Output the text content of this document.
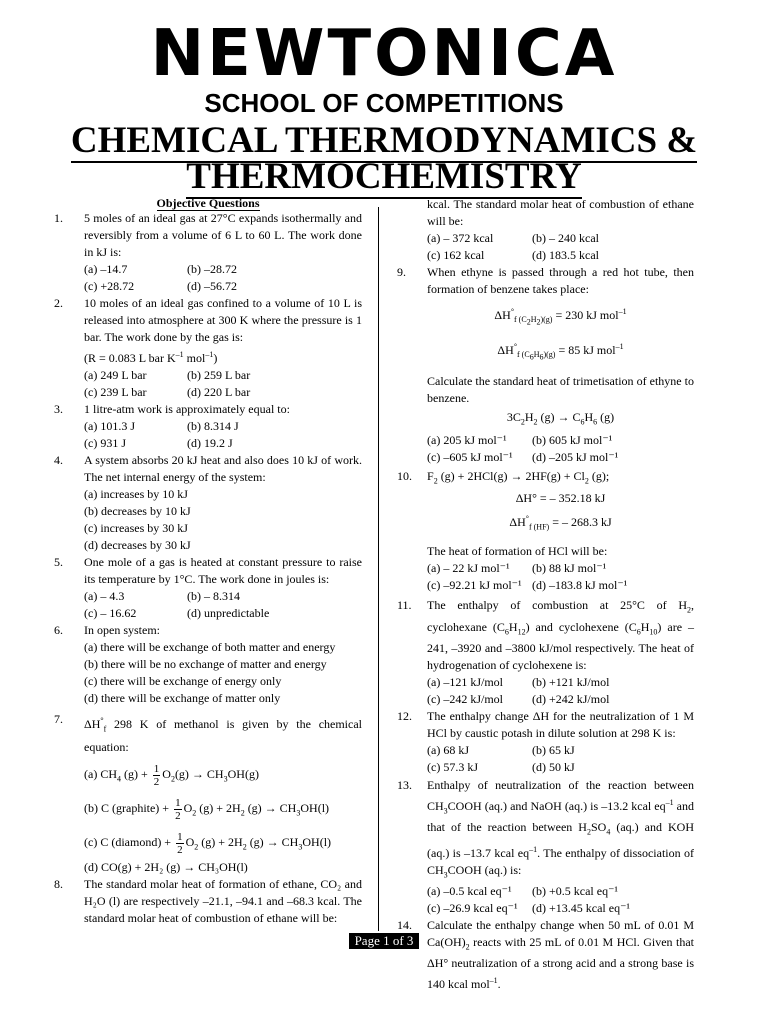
NEWTONICA
SCHOOL OF COMPETITIONS
CHEMICAL THERMODYNAMICS &
THERMOCHEMISTRY
Objective Questions
1. 5 moles of an ideal gas at 27°C expands isothermally and reversibly from a volume of 6 L to 60 L. The work done in kJ is:
(a) –14.7	(b) –28.72
(c) +28.72	(d) –56.72
2. 10 moles of an ideal gas confined to a volume of 10 L is released into atmosphere at 300 K where the pressure is 1 bar. The work done by the gas is:
(R = 0.083 L bar $K^{-1}$ mol$^{-1}$)
(a) 249 L bar	(b) 259 L bar
(c) 239 L bar	(d) 220 L bar
3. 1 litre-atm work is approximately equal to:
(a) 101.3 J	(b) 8.314 J
(c) 931 J	(d) 19.2 J
4. A system absorbs 20 kJ heat and also does 10 kJ of work. The net internal energy of the system:
(a) increases by 10 kJ
(b) decreases by 10 kJ
(c) increases by 30 kJ
(d) decreases by 30 kJ
5. One mole of a gas is heated at constant pressure to raise its temperature by 1°C. The work done in joules is:
(a) – 4.3	(b) – 8.314
(c) – 16.62	(d) unpredictable
6. In open system:
(a) there will be exchange of both matter and energy
(b) there will be no exchange of matter and energy
(c) there will be exchange of energy only
(d) there will be exchange of matter only
7. $\Delta H^\circ_f$ 298 K of methanol is given by the chemical equation:
(a) $CH_4$ $(g) + \frac{1}{2} O_2(g) \to CH_3OH(g)$
(b) C (graphite) + $\frac{1}{2} O_2$ $(g) + 2H_2$ $(g) \to CH_3OH(l)$
(c) C (diamond) + $\frac{1}{2} O_2$ $(g) + 2H_2$ $(g) \to CH_3OH(l)$
(d) CO(g) + 2H₂ (g) → CH₃OH(l)
8. The standard molar heat of formation of ethane, CO₂ and H₂O (l) are respectively –21.1, –94.1 and –68.3 kcal. The standard molar heat of combustion of ethane will be:
kcal. The standard molar heat of combustion of ethane will be:
(a) – 372 kcal	(b) – 240 kcal
(c) 162 kcal	(d) 183.5 kcal
9. When ethyne is passed through a red hot tube, then formation of benzene takes place:
$\Delta H^\circ_{f (C_2H_2)(g)} = 230$ kJ mol$^{-1}$
$\Delta H^\circ_{f (C_6H_6)(g)} = 85$ kJ mol$^{-1}$
Calculate the standard heat of trimetisation of ethyne to benzene.
$3C_2H_2$ $(g) \to C_6H_6$ (g)
(a) 205 kJ mol⁻¹	(b) 605 kJ mol⁻¹
(c) –605 kJ mol⁻¹	(d) –205 kJ mol⁻¹
10. $F_2$ $(g) + 2HCl(g) \to 2HF(g) + Cl_2$ (g);
ΔH° = – 352.18 kJ
$\Delta H^\circ_{f (HF)}$ = – 268.3 kJ
The heat of formation of HCl will be:
(a) – 22 kJ mol⁻¹	(b) 88 kJ mol⁻¹
(c) –92.21 kJ mol⁻¹ (d) –183.8 kJ mol⁻¹
11. The enthalpy of combustion at 25°C of $H_2$, cyclohexane $(C_6H_{12})$ and cyclohexene $(C_6H_{10})$ are – 241, –3920 and –3800 kJ/mol respectively. The heat of hydrogenation of cyclohexene is:
(a) –121 kJ/mol	(b) +121 kJ/mol
(c) –242 kJ/mol	(d) +242 kJ/mol
12. The enthalpy change ΔH for the neutralization of 1 M HCl by caustic potash in dilute solution at 298 K is:
(a) 68 kJ	(b) 65 kJ
(c) 57.3 kJ	(d) 50 kJ
13. Enthalpy of neutralization of the reaction between $CH_3COOH$ (aq.) and NaOH (aq.) is –13.2 kcal $eq^{-1}$ and that of the reaction between $H_2SO_4$ (aq.) and KOH (aq.) is –13.7 kcal $eq^{-1}$. The enthalpy of dissociation of $CH_3COOH$ (aq.) is:
(a) –0.5 kcal eq⁻¹	(b) +0.5 kcal eq⁻¹
(c) –26.9 kcal eq⁻¹	(d) +13.45 kcal eq⁻¹
14. Calculate the enthalpy change when 50 mL of 0.01 M $Ca(OH)_2$ reacts with 25 mL of 0.01 M HCl. Given that ΔH° neutralization of a strong acid and a strong base is 140 kcal mol$^{-1}$.
Page 1 of 3
